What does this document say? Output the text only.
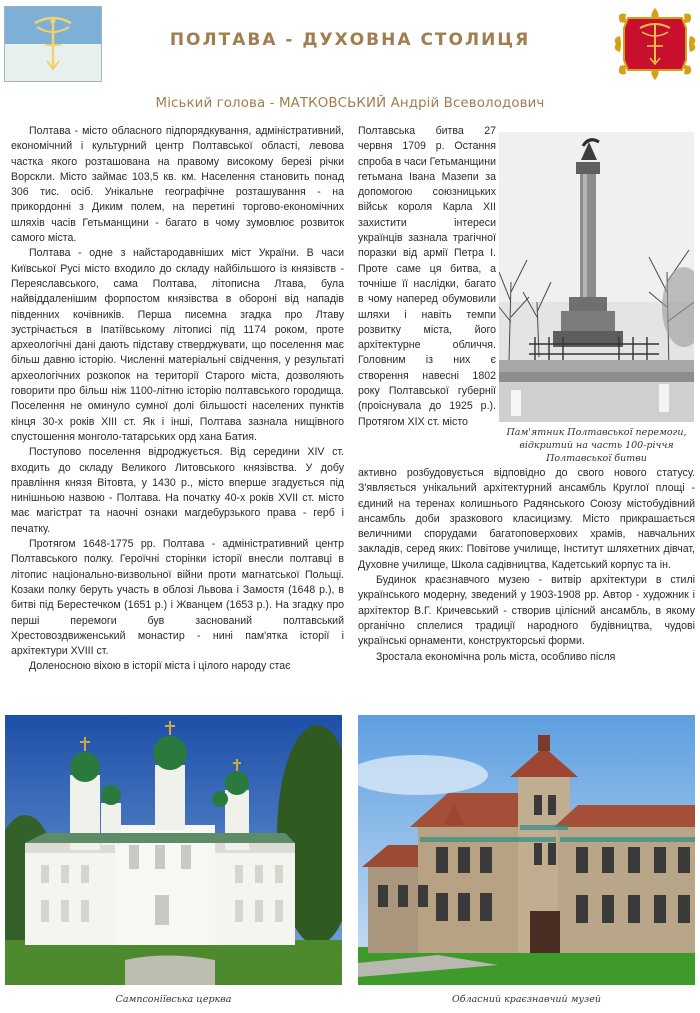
ПОЛТАВА - ДУХОВНА СТОЛИЦЯ
Міський голова - МАТКОВСЬКИЙ Андрій Всеволодович

Полтава - місто обласного підпорядкування, адміністративний, економічний і культурний центр Полтавської області, левова частка якого розташована на правому високому березі річки Ворскли. Місто займає 103,5 кв. км. Населення становить понад 306 тис. осіб. Унікальне географічне розташування - на прикордонні з Диким полем, на перетині торгово-економічних шляхів часів Гетьманщини - багато в чому зумовлює розвиток самого міста.

Полтава - одне з найстародавніших міст України. В часи Київської Русі місто входило до складу найбільшого із князівств - Переяславського, сама Полтава, літописна Лтава, була найвіддаленішим форпостом князівства в обороні від нападів південних кочівників. Перша писемна згадка про Лтаву зустрічається в Іпатіївському літописі під 1174 роком, проте археологічні дані дають підставу стверджувати, що поселення має більш давню історію. Численні матеріальні свідчення, у результаті археологічних розкопок на території Старого міста, дозволяють говорити про більш ніж 1100-літню історію полтавського городища. Поселення не оминуло сумної долі більшості населених пунктів кінця 30-х років XIII ст. Як і інші, Полтава зазнала нищівного спустошення монголо-татарських орд хана Батия.

Поступово поселення відроджується. Від середини XIV ст. входить до складу Великого Литовського князівства. У добу правління князя Вітовта, у 1430 р., місто вперше згадується під нинішньою назвою - Полтава. На початку 40-х років XVII ст. місто має магістрат та наочні ознаки магдебурзького права - герб і печатку.

Протягом 1648-1775 рр. Полтава - адміністративний центр Полтавського полку. Героїчні сторінки історії внесли полтавці в літопис національно-визвольної війни проти магнатської Польщі. Козаки полку беруть участь в облозі Львова і Замостя (1648 р.), в битві під Берестечком (1651 р.) і Жванцем (1653 р.). На згадку про перші перемоги був заснований полтавський Хрестовоздвиженський монастир - нині пам'ятка історії і архітектури XVIII ст.

Доленосною віхою в історії міста і цілого народу стає

Полтавська битва 27 червня 1709 р. Остання спроба в часи Гетьманщини гетьмана Івана Мазепи за допомогою союзницьких військ короля Карла XII захистити інтереси українців зазнала трагічної поразки від армії Петра I. Проте саме ця битва, а точніше її наслідки, багато в чому наперед обумовили шляхи і навіть темпи розвитку міста, його архітектурне обличчя. Головним із них є створення навесні 1802 року Полтавської губернії (проіснувала до 1925 р.). Протягом XIX ст. місто

Пам'ятник Полтавської перемоги, відкритий на часть 100-річчя Полтавської битви

активно розбудовується відповідно до свого нового статусу. З'являється унікальний архітектурний ансамбль Круглої площі - єдиний на теренах колишнього Радянського Союзу містобудівний ансамбль доби зразкового класицизму. Місто прикрашається величними спорудами багатоповерхових храмів, навчальних закладів, серед яких: Повітове училище, Інститут шляхетних дівчат, Духовне училище, Школа садівництва, Кадетський корпус та ін.

Будинок краєзнавчого музею - витвір архітектури в стилі українського модерну, зведений у 1903-1908 рр. Автор - художник і архітектор В.Г. Кричевський - створив цілісний ансамбль, в якому органічно сплелися традиції народного будівництва, чудові українські орнаменти, конструкторські форми.

Зростала економічна роль міста, особливо після

Сампсоніївська церква	Обласний краєзнавчий музей
